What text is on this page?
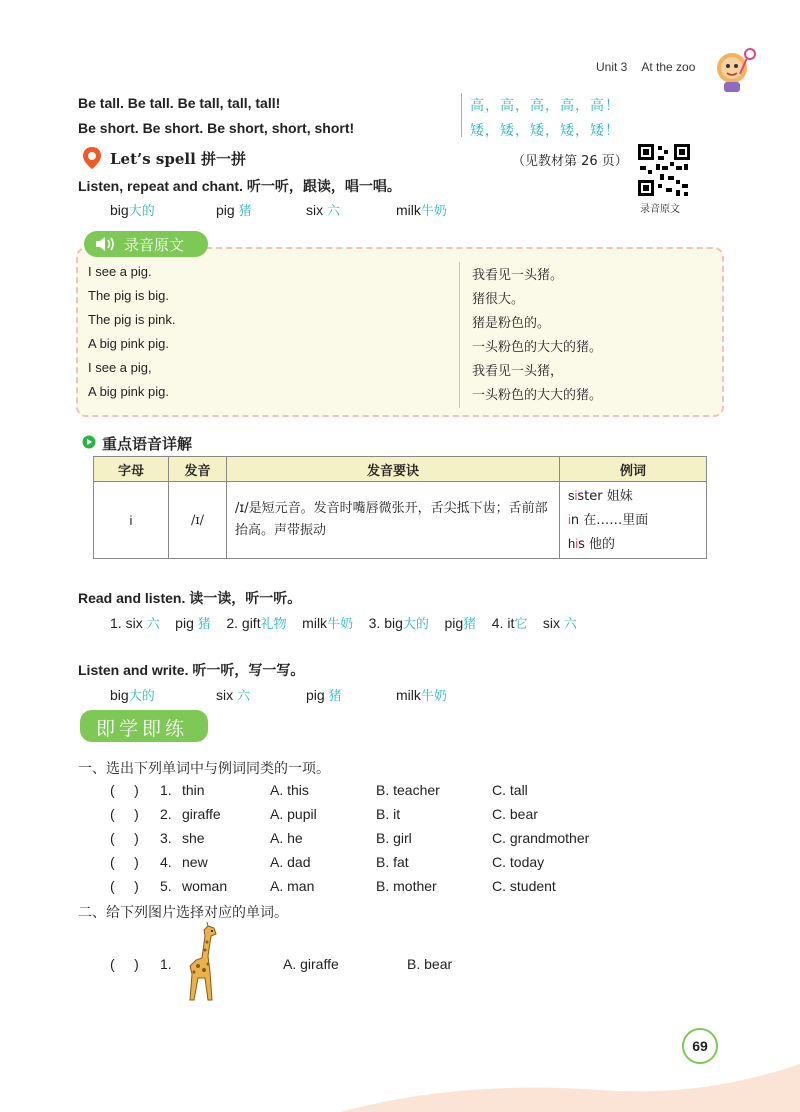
Unit 3 At the zoo
Be tall. Be tall. Be tall, tall, tall!
Be short. Be short. Be short, short, short!
高，高，高，高，高！
矮，矮，矮，矮，矮！
Let’s spell 拼一拼	（见教材第 26 页）
录音原文
Listen, repeat and chant. 听一听，跟读，唱一唱。
big大的	pig 猪	six 六	milk牛奶
录音原文
I see a pig.
The pig is big.
The pig is pink.
A big pink pig.
I see a pig,
A big pink pig.
我看见一头猪。
猪很大。
猪是粉色的。
一头粉色的大大的猪。
我看见一头猪，
一头粉色的大大的猪。
重点语音详解
字母	发音	发音要诀	例词
i	/ɪ/	/ɪ/是短元音。发音时嘴唇微张开，舌尖抵下齿；舌前部抬高。声带振动	sister 姐妹
in 在……里面
his 他的
Read and listen. 读一读，听一听。
1. six 六 pig 猪 2. gift礼物 milk牛奶 3. big大的 pig猪 4. it它 six 六
Listen and write. 听一听，写一写。
big大的	six 六	pig 猪	milk牛奶
即学即练
一、选出下列单词中与例词同类的一项。
(     ) 1. thin	A. this	B. teacher	C. tall
(     ) 2. giraffe	A. pupil	B. it	C. bear
(     ) 3. she	A. he	B. girl	C. grandmother
(     ) 4. new	A. dad	B. fat	C. today
(     ) 5. woman	A. man	B. mother	C. student
二、给下列图片选择对应的单词。
(     ) 1.	A. giraffe	B. bear
69
